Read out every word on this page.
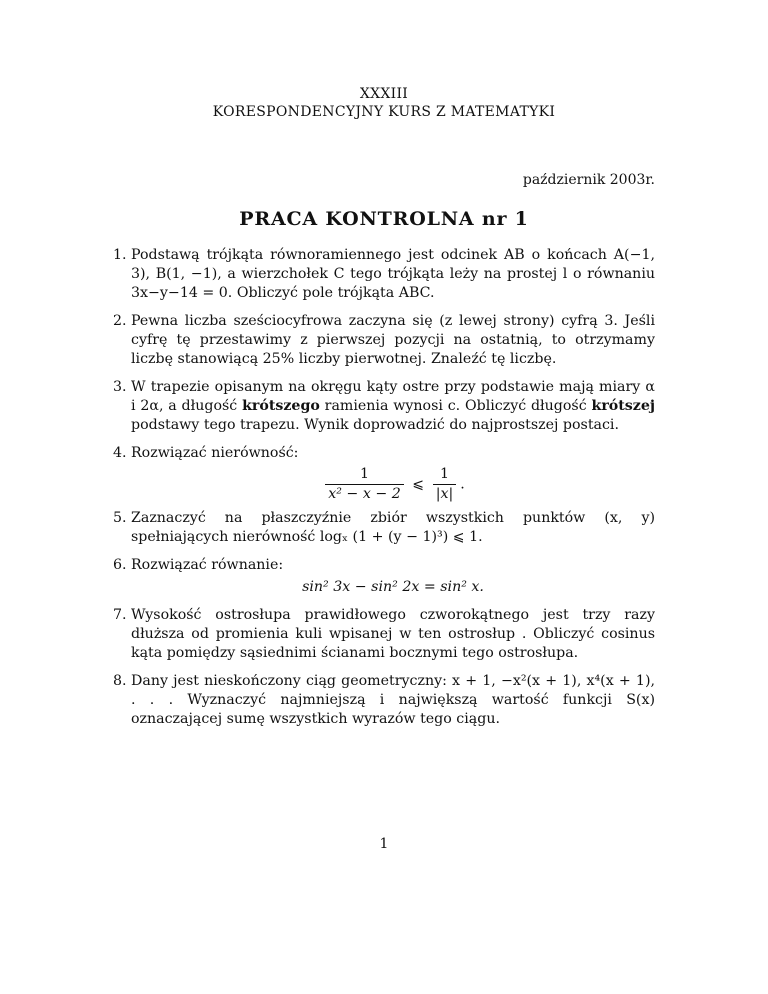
XXXIII
KORESPONDENCYJNY KURS Z MATEMATYKI
październik 2003r.
PRACA KONTROLNA nr 1
1. Podstawą trójkąta równoramiennego jest odcinek AB o końcach A(−1, 3), B(1, −1), a wierzchołek C tego trójkąta leży na prostej l o równaniu 3x−y−14 = 0. Obliczyć pole trójkąta ABC.
2. Pewna liczba sześciocyfrowa zaczyna się (z lewej strony) cyfrą 3. Jeśli cyfrę tę przestawimy z pierwszej pozycji na ostatnią, to otrzymamy liczbę stanowiącą 25% liczby pierwotnej. Znaleźć tę liczbę.
3. W trapezie opisanym na okręgu kąty ostre przy podstawie mają miary α i 2α, a długość krótszego ramienia wynosi c. Obliczyć długość krótszej podstawy tego trapezu. Wynik doprowadzić do najprostszej postaci.
4. Rozwiązać nierówność:
$\frac{1}{\text{x² − x − 2}}$ ⩽ $\frac{1}{|x|}$ .
5. Zaznaczyć na płaszczyźnie zbiór wszystkich punktów (x, y) spełniających nierówność logₓ (1 + (y − 1)³) ⩽ 1.
6. Rozwiązać równanie:
sin² 3x − sin² 2x = sin² x.
7. Wysokość ostrosłupa prawidłowego czworokątnego jest trzy razy dłuższa od promienia kuli wpisanej w ten ostrosłup . Obliczyć cosinus kąta pomiędzy sąsiednimi ścianami bocznymi tego ostrosłupa.
8. Dany jest nieskończony ciąg geometryczny: x + 1, −x²(x + 1), x⁴(x + 1), . . . Wyznaczyć najmniejszą i największą wartość funkcji S(x) oznaczającej sumę wszystkich wyrazów tego ciągu.
1
